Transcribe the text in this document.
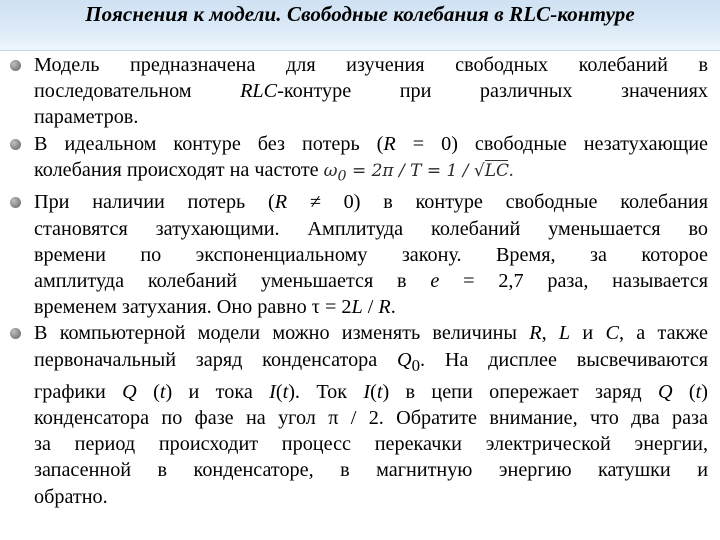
Пояснения к модели. Свободные колебания в RLC-контуре
Модель предназначена для изучения свободных колебаний в
последовательном RLC-контуре при различных значениях
параметров.
В идеальном контуре без потерь (R = 0) свободные незатухающие
колебания происходят на частоте $\omega_0 = 2\pi / T = 1 / √LC$.
При наличии потерь (R ≠ 0) в контуре свободные колебания
становятся затухающими. Амплитуда колебаний уменьшается во
времени по экспоненциальному закону. Время, за которое
амплитуда колебаний уменьшается в e = 2,7 раза, называется
временем затухания. Оно равно τ = 2L / R.
В компьютерной модели можно изменять величины R, L и C, а также
первоначальный заряд конденсатора $Q_0$. На дисплее высвечиваются
графики Q (t) и тока I(t). Ток I(t) в цепи опережает заряд Q (t)
конденсатора по фазе на угол π / 2. Обратите внимание, что два раза
за период происходит процесс перекачки электрической энергии,
запасенной в конденсаторе, в магнитную энергию катушки и
обратно.
